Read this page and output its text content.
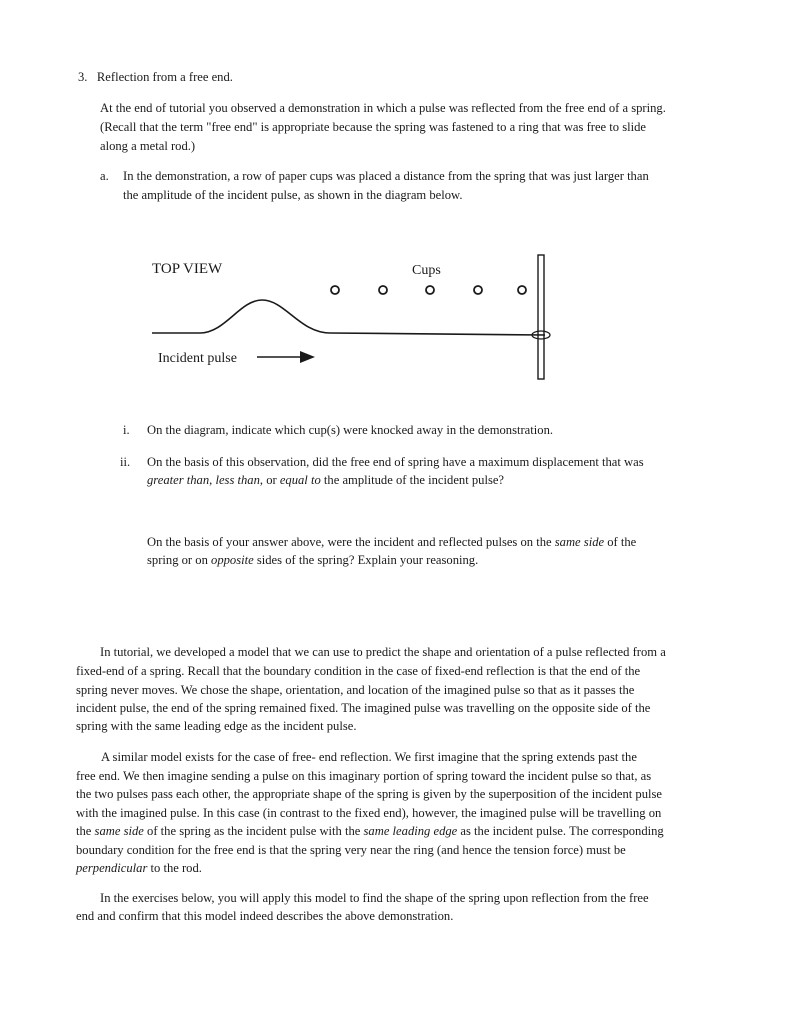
3. Reflection from a free end.
At the end of tutorial you observed a demonstration in which a pulse was reflected from the free end of a spring.
(Recall that the term "free end" is appropriate because the spring was fastened to a ring that was free to slide
along a metal rod.)
a. In the demonstration, a row of paper cups was placed a distance from the spring that was just larger than
the amplitude of the incident pulse, as shown in the diagram below.
TOP VIEW	Cups
Incident pulse
i. On the diagram, indicate which cup(s) were knocked away in the demonstration.
ii. On the basis of this observation, did the free end of spring have a maximum displacement that was
greater than, less than, or equal to the amplitude of the incident pulse?
On the basis of your answer above, were the incident and reflected pulses on the same side of the
spring or on opposite sides of the spring? Explain your reasoning.
In tutorial, we developed a model that we can use to predict the shape and orientation of a pulse reflected from a
fixed-end of a spring. Recall that the boundary condition in the case of fixed-end reflection is that the end of the
spring never moves. We chose the shape, orientation, and location of the imagined pulse so that as it passes the
incident pulse, the end of the spring remained fixed. The imagined pulse was travelling on the opposite side of the
spring with the same leading edge as the incident pulse.
A similar model exists for the case of free- end reflection. We first imagine that the spring extends past the
free end. We then imagine sending a pulse on this imaginary portion of spring toward the incident pulse so that, as
the two pulses pass each other, the appropriate shape of the spring is given by the superposition of the incident pulse
with the imagined pulse. In this case (in contrast to the fixed end), however, the imagined pulse will be travelling on
the same side of the spring as the incident pulse with the same leading edge as the incident pulse. The corresponding
boundary condition for the free end is that the spring very near the ring (and hence the tension force) must be
perpendicular to the rod.
In the exercises below, you will apply this model to find the shape of the spring upon reflection from the free
end and confirm that this model indeed describes the above demonstration.
